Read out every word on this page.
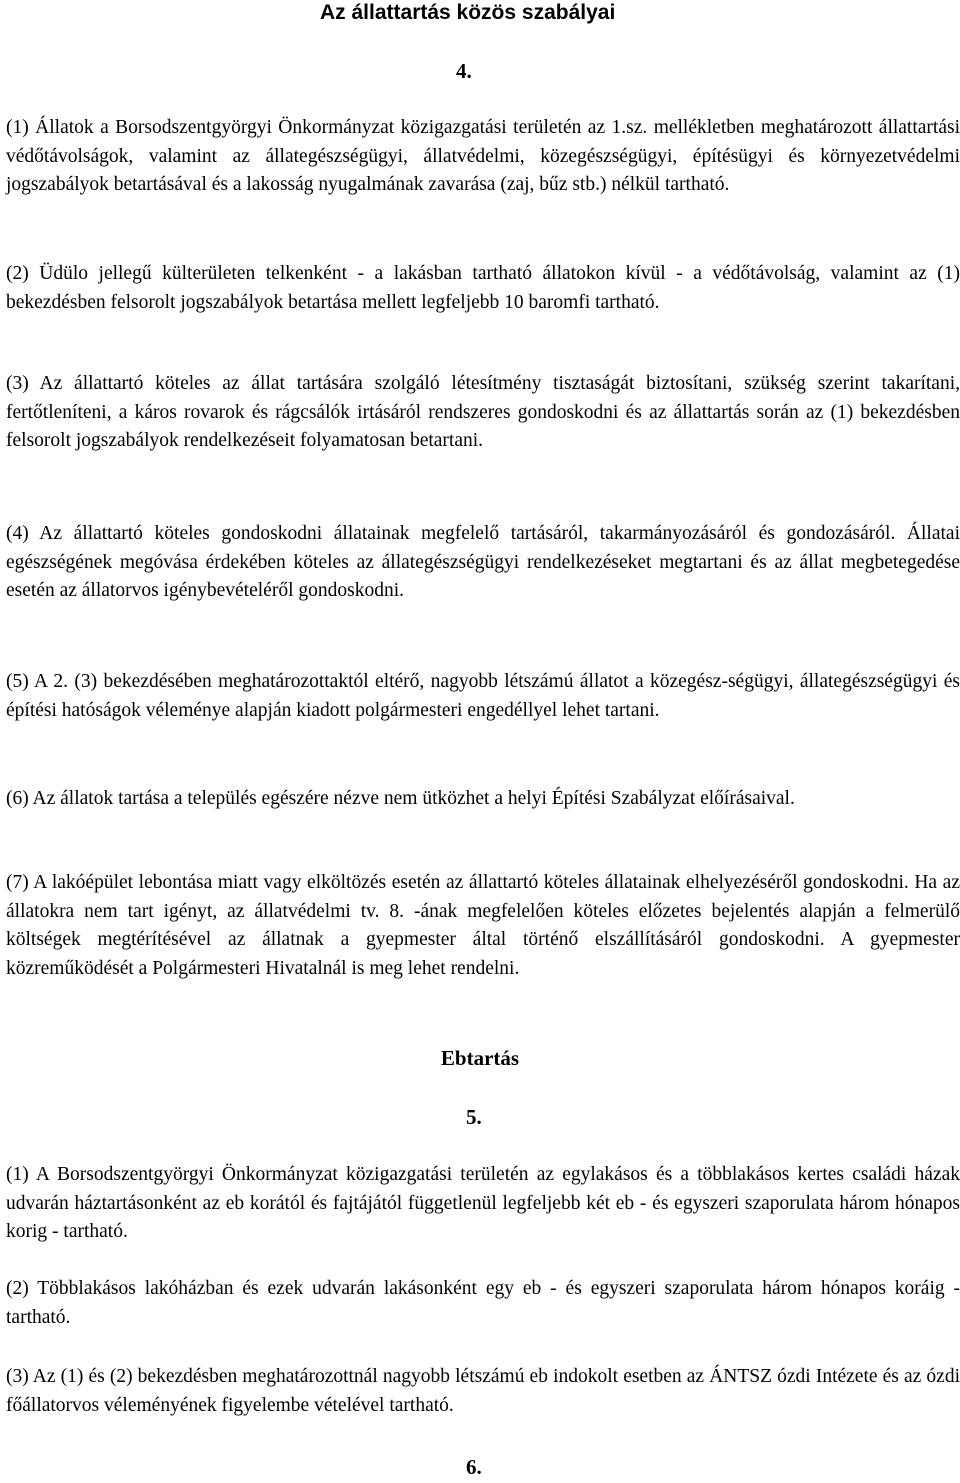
Az állattartás közös szabályai
4.
(1) Állatok a Borsodszentgyörgyi Önkormányzat közigazgatási területén az 1.sz. mellékletben meghatározott állattartási védőtávolságok, valamint az állategészségügyi, állatvédelmi, közegészségügyi, építésügyi és környezetvédelmi jogszabályok betartásával és a lakosság nyugalmának zavarása (zaj, bűz stb.) nélkül tartható.
(2) Üdülo jellegű külterületen telkenként - a lakásban tartható állatokon kívül - a védőtávolság, valamint az (1) bekezdésben felsorolt jogszabályok betartása mellett legfeljebb 10 baromfi tartható.
(3) Az állattartó köteles az állat tartására szolgáló létesítmény tisztaságát biztosítani, szükség szerint takarítani, fertőtleníteni, a káros rovarok és rágcsálók irtásáról rendszeres gondoskodni és az állattartás során az (1) bekezdésben felsorolt jogszabályok rendelkezéseit folyamatosan betartani.
(4) Az állattartó köteles gondoskodni állatainak megfelelő tartásáról, takarmányozásáról és gondozásáról. Állatai egészségének megóvása érdekében köteles az állategészségügyi rendelkezéseket megtartani és az állat megbetegedése esetén az állatorvos igénybevételéről gondoskodni.
(5) A 2. (3) bekezdésében meghatározottaktól eltérő, nagyobb létszámú állatot a közegész-ségügyi, állategészségügyi és építési hatóságok véleménye alapján kiadott polgármesteri engedéllyel lehet tartani.
(6) Az állatok tartása a település egészére nézve nem ütközhet a helyi Építési Szabályzat előírásaival.
(7) A lakóépület lebontása miatt vagy elköltözés esetén az állattartó köteles állatainak elhelyezéséről gondoskodni. Ha az állatokra nem tart igényt, az állatvédelmi tv. 8. -ának megfelelően köteles előzetes bejelentés alapján a felmerülő költségek megtérítésével az állatnak a gyepmester által történő elszállításáról gondoskodni. A gyepmester közreműködését a Polgármesteri Hivatalnál is meg lehet rendelni.
Ebtartás
5.
(1) A Borsodszentgyörgyi Önkormányzat közigazgatási területén az egylakásos és a többlakásos kertes családi házak udvarán háztartásonként az eb korától és fajtájától függetlenül legfeljebb két eb - és egyszeri szaporulata három hónapos korig - tartható.
(2) Többlakásos lakóházban és ezek udvarán lakásonként egy eb - és egyszeri szaporulata három hónapos koráig - tartható.
(3) Az (1) és (2) bekezdésben meghatározottnál nagyobb létszámú eb indokolt esetben az ÁNTSZ ózdi Intézete és az ózdi főállatorvos véleményének figyelembe vételével tartható.
6.
